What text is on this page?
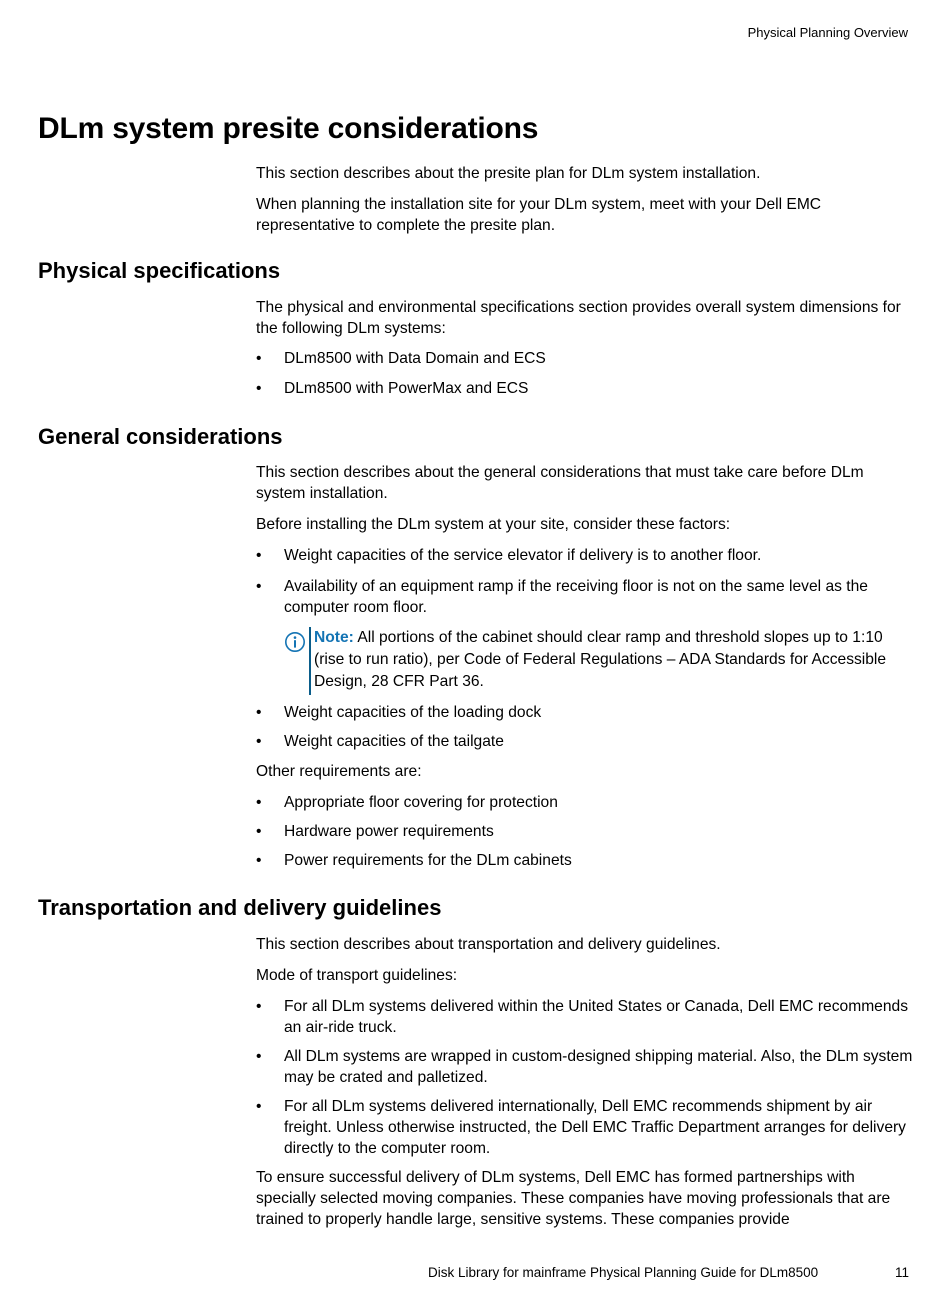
Physical Planning Overview
DLm system presite considerations

This section describes about the presite plan for DLm system installation.

When planning the installation site for your DLm system, meet with your Dell EMC representative to complete the presite plan.

Physical specifications

The physical and environmental specifications section provides overall system dimensions for the following DLm systems:

• DLm8500 with Data Domain and ECS
• DLm8500 with PowerMax and ECS
General considerations

This section describes about the general considerations that must take care before DLm system installation.

Before installing the DLm system at your site, consider these factors:

• Weight capacities of the service elevator if delivery is to another floor.
• Availability of an equipment ramp if the receiving floor is not on the same level as the computer room floor.
Note: All portions of the cabinet should clear ramp and threshold slopes up to 1:10 (rise to run ratio), per Code of Federal Regulations – ADA Standards for Accessible Design, 28 CFR Part 36.
• Weight capacities of the loading dock
• Weight capacities of the tailgate

Other requirements are:

• Appropriate floor covering for protection
• Hardware power requirements
• Power requirements for the DLm cabinets
Transportation and delivery guidelines

This section describes about transportation and delivery guidelines.

Mode of transport guidelines:

• For all DLm systems delivered within the United States or Canada, Dell EMC recommends an air-ride truck.
• All DLm systems are wrapped in custom-designed shipping material. Also, the DLm system may be crated and palletized.
• For all DLm systems delivered internationally, Dell EMC recommends shipment by air freight. Unless otherwise instructed, the Dell EMC Traffic Department arranges for delivery directly to the computer room.

To ensure successful delivery of DLm systems, Dell EMC has formed partnerships with specially selected moving companies. These companies have moving professionals that are trained to properly handle large, sensitive systems. These companies provide

Disk Library for mainframe Physical Planning Guide for DLm8500	11
